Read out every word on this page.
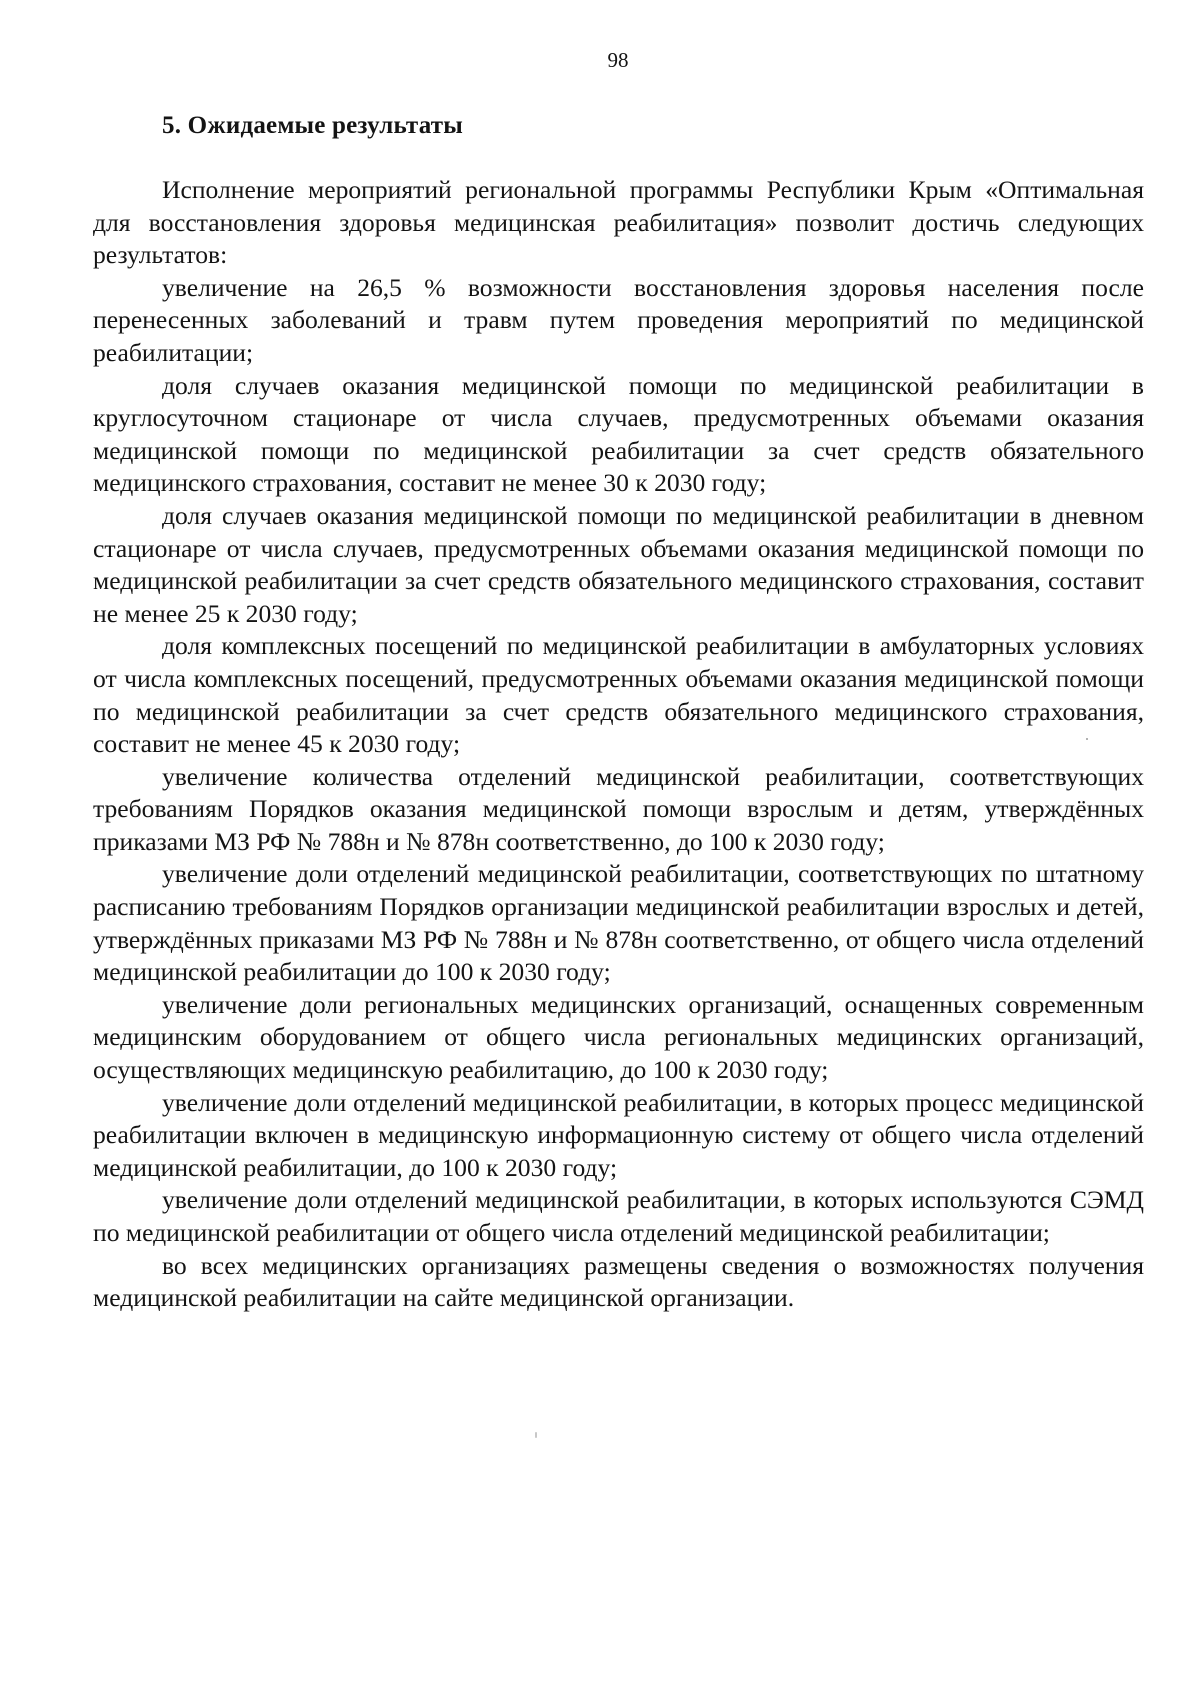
98
5. Ожидаемые результаты

Исполнение мероприятий региональной программы Республики Крым «Оптимальная для восстановления здоровья медицинская реабилитация» позволит достичь следующих результатов:

увеличение на 26,5 % возможности восстановления здоровья населения после перенесенных заболеваний и травм путем проведения мероприятий по медицинской реабилитации;

доля случаев оказания медицинской помощи по медицинской реабилитации в круглосуточном стационаре от числа случаев, предусмотренных объемами оказания медицинской помощи по медицинской реабилитации за счет средств обязательного медицинского страхования, составит не менее 30 к 2030 году;

доля случаев оказания медицинской помощи по медицинской реабилитации в дневном стационаре от числа случаев, предусмотренных объемами оказания медицинской помощи по медицинской реабилитации за счет средств обязательного медицинского страхования, составит не менее 25 к 2030 году;

доля комплексных посещений по медицинской реабилитации в амбулаторных условиях от числа комплексных посещений, предусмотренных объемами оказания медицинской помощи по медицинской реабилитации за счет средств обязательного медицинского страхования, составит не менее 45 к 2030 году;

увеличение количества отделений медицинской реабилитации, соответствующих требованиям Порядков оказания медицинской помощи взрослым и детям, утверждённых приказами МЗ РФ № 788н и № 878н соответственно, до 100 к 2030 году;

увеличение доли отделений медицинской реабилитации, соответствующих по штатному расписанию требованиям Порядков организации медицинской реабилитации взрослых и детей, утверждённых приказами МЗ РФ № 788н и № 878н соответственно, от общего числа отделений медицинской реабилитации до 100 к 2030 году;

увеличение доли региональных медицинских организаций, оснащенных современным медицинским оборудованием от общего числа региональных медицинских организаций, осуществляющих медицинскую реабилитацию, до 100 к 2030 году;

увеличение доли отделений медицинской реабилитации, в которых процесс медицинской реабилитации включен в медицинскую информационную систему от общего числа отделений медицинской реабилитации, до 100 к 2030 году;

увеличение доли отделений медицинской реабилитации, в которых используются СЭМД по медицинской реабилитации от общего числа отделений медицинской реабилитации;

во всех медицинских организациях размещены сведения о возможностях получения медицинской реабилитации на сайте медицинской организации.
